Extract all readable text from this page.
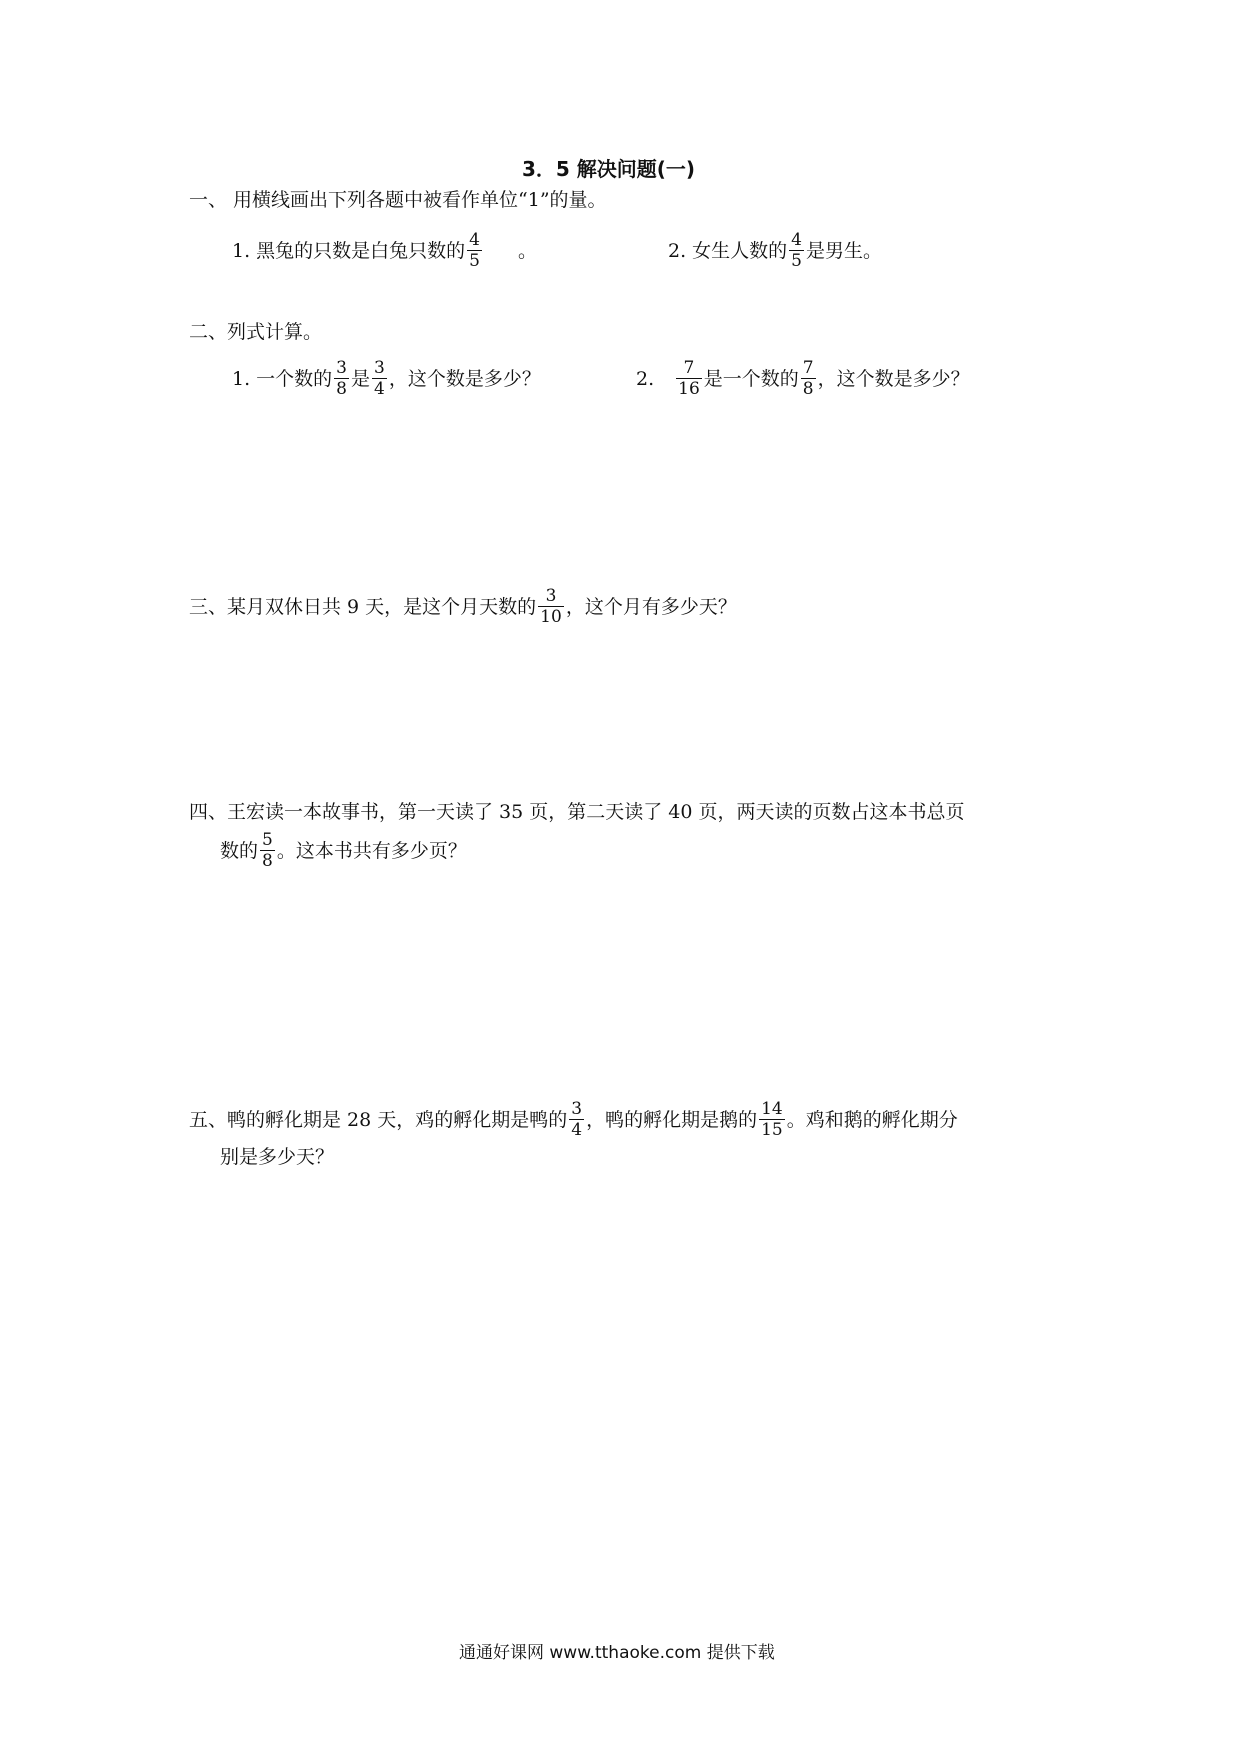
3．5 解决问题(一)
一、 用横线画出下列各题中被看作单位“1”的量。
1. 黑兔的只数是白兔只数的 $\frac{4}{5}$ 。	2. 女生人数的 $\frac{4}{5}$ 是男生。
二、列式计算。
1. 一个数的 $\frac{3}{8}$ 是 $\frac{3}{4}$ ，这个数是多少？	2. $\frac{7}{16}$ 是一个数的 $\frac{7}{8}$ ，这个数是多少？
三、某月双休日共 9 天，是这个月天数的 $\frac{3}{10}$ ，这个月有多少天？
四、王宏读一本故事书，第一天读了 35 页，第二天读了 40 页，两天读的页数占这本书总页
数的 $\frac{5}{8}$ 。这本书共有多少页？
五、鸭的孵化期是 28 天，鸡的孵化期是鸭的 $\frac{3}{4}$ ，鸭的孵化期是鹅的 $\frac{14}{15}$ 。鸡和鹅的孵化期分
别是多少天？
通通好课网 www.tthaoke.com 提供下载
